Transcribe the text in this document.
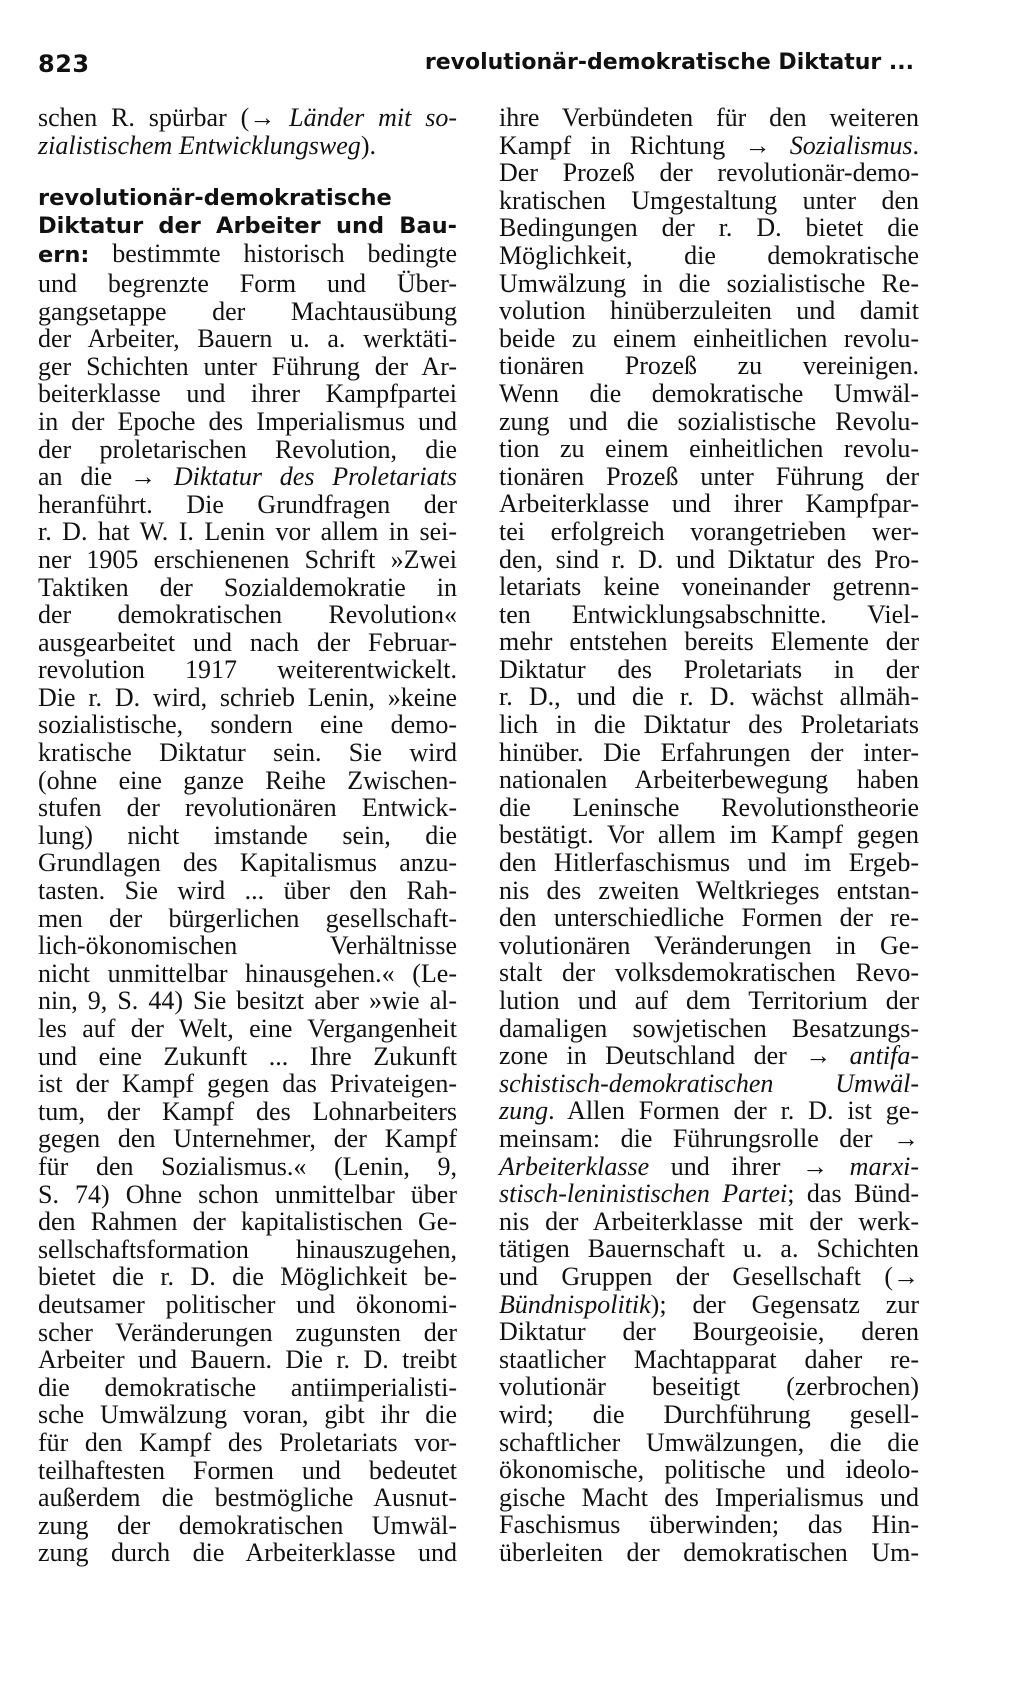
823	revolutionär-demokratische Diktatur ...
schen R. spürbar (→ Länder mit so-
zialistischem Entwicklungsweg).
revolutionär-demokratische
Diktatur der Arbeiter und Bau-
ern: bestimmte historisch bedingte
und begrenzte Form und Über-
gangsetappe der Machtausübung
der Arbeiter, Bauern u. a. werktäti-
ger Schichten unter Führung der Ar-
beiterklasse und ihrer Kampfpartei
in der Epoche des Imperialismus und
der proletarischen Revolution, die
an die → Diktatur des Proletariats
heranführt. Die Grundfragen der
r. D. hat W. I. Lenin vor allem in sei-
ner 1905 erschienenen Schrift »Zwei
Taktiken der Sozialdemokratie in
der demokratischen Revolution«
ausgearbeitet und nach der Februar-
revolution 1917 weiterentwickelt.
Die r. D. wird, schrieb Lenin, »keine
sozialistische, sondern eine demo-
kratische Diktatur sein. Sie wird
(ohne eine ganze Reihe Zwischen-
stufen der revolutionären Entwick-
lung) nicht imstande sein, die
Grundlagen des Kapitalismus anzu-
tasten. Sie wird ... über den Rah-
men der bürgerlichen gesellschaft-
lich-ökonomischen Verhältnisse
nicht unmittelbar hinausgehen.« (Le-
nin, 9, S. 44) Sie besitzt aber »wie al-
les auf der Welt, eine Vergangenheit
und eine Zukunft ... Ihre Zukunft
ist der Kampf gegen das Privateigen-
tum, der Kampf des Lohnarbeiters
gegen den Unternehmer, der Kampf
für den Sozialismus.« (Lenin, 9,
S. 74) Ohne schon unmittelbar über
den Rahmen der kapitalistischen Ge-
sellschaftsformation hinauszugehen,
bietet die r. D. die Möglichkeit be-
deutsamer politischer und ökonomi-
scher Veränderungen zugunsten der
Arbeiter und Bauern. Die r. D. treibt
die demokratische antiimperialisti-
sche Umwälzung voran, gibt ihr die
für den Kampf des Proletariats vor-
teilhaftesten Formen und bedeutet
außerdem die bestmögliche Ausnut-
zung der demokratischen Umwäl-
zung durch die Arbeiterklasse und
ihre Verbündeten für den weiteren
Kampf in Richtung → Sozialismus.
Der Prozeß der revolutionär-demo-
kratischen Umgestaltung unter den
Bedingungen der r. D. bietet die
Möglichkeit, die demokratische
Umwälzung in die sozialistische Re-
volution hinüberzuleiten und damit
beide zu einem einheitlichen revolu-
tionären Prozeß zu vereinigen.
Wenn die demokratische Umwäl-
zung und die sozialistische Revolu-
tion zu einem einheitlichen revolu-
tionären Prozeß unter Führung der
Arbeiterklasse und ihrer Kampfpar-
tei erfolgreich vorangetrieben wer-
den, sind r. D. und Diktatur des Pro-
letariats keine voneinander getrenn-
ten Entwicklungsabschnitte. Viel-
mehr entstehen bereits Elemente der
Diktatur des Proletariats in der
r. D., und die r. D. wächst allmäh-
lich in die Diktatur des Proletariats
hinüber. Die Erfahrungen der inter-
nationalen Arbeiterbewegung haben
die Leninsche Revolutionstheorie
bestätigt. Vor allem im Kampf gegen
den Hitlerfaschismus und im Ergeb-
nis des zweiten Weltkrieges entstan-
den unterschiedliche Formen der re-
volutionären Veränderungen in Ge-
stalt der volksdemokratischen Revo-
lution und auf dem Territorium der
damaligen sowjetischen Besatzungs-
zone in Deutschland der → antifa-
schistisch-demokratischen Umwäl-
zung. Allen Formen der r. D. ist ge-
meinsam: die Führungsrolle der →
Arbeiterklasse und ihrer → marxi-
stisch-leninistischen Partei; das Bünd-
nis der Arbeiterklasse mit der werk-
tätigen Bauernschaft u. a. Schichten
und Gruppen der Gesellschaft (→
Bündnispolitik); der Gegensatz zur
Diktatur der Bourgeoisie, deren
staatlicher Machtapparat daher re-
volutionär beseitigt (zerbrochen)
wird; die Durchführung gesell-
schaftlicher Umwälzungen, die die
ökonomische, politische und ideolo-
gische Macht des Imperialismus und
Faschismus überwinden; das Hin-
überleiten der demokratischen Um-
